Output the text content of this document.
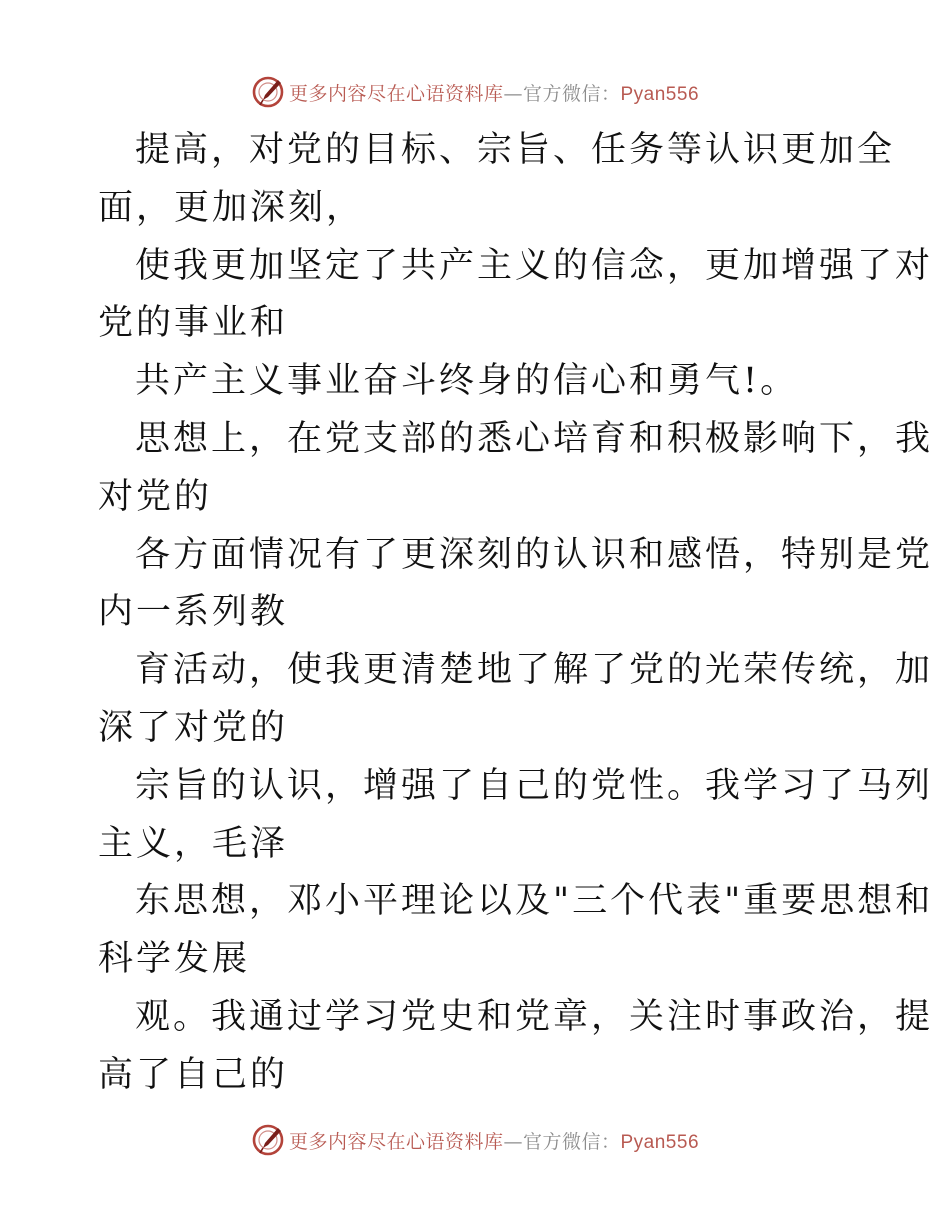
更多内容尽在心语资料库—官方微信：Pyan556
提高，对党的目标、宗旨、任务等认识更加全
面，更加深刻，
使我更加坚定了共产主义的信念，更加增强了对
党的事业和
共产主义事业奋斗终身的信心和勇气!。
思想上，在党支部的悉心培育和积极影响下，我
对党的
各方面情况有了更深刻的认识和感悟，特别是党
内一系列教
育活动，使我更清楚地了解了党的光荣传统，加
深了对党的
宗旨的认识，增强了自己的党性。我学习了马列
主义，毛泽
东思想，邓小平理论以及"三个代表"重要思想和
科学发展
观。我通过学习党史和党章，关注时事政治，提
高了自己的
更多内容尽在心语资料库—官方微信：Pyan556
